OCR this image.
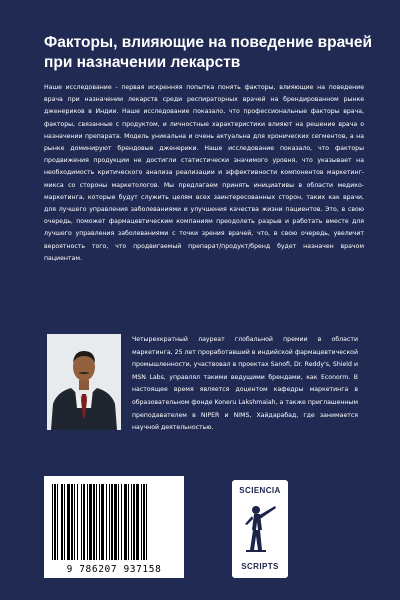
Факторы, влияющие на поведение врачей при назначении лекарств

Наше исследование - первая искренняя попытка понять факторы, влияющие на поведение врача при назначении лекарств среди респираторных врачей на брендированном рынке дженериков в Индии. Наше исследование показало, что профессиональные факторы врача, факторы, связанные с продуктом, и личностные характеристики влияют на решение врача о назначении препарата. Модель уникальна и очень актуальна для хронических сегментов, а на рынке доминируют брендовые дженерики. Наше исследование показало, что факторы продвижения продукции не достигли статистически значимого уровня, что указывает на необходимость критического анализа реализации и эффективности компонентов маркетинг-микса со стороны маркетологов. Мы предлагаем принять инициативы в области медико-маркетинга, которые будут служить целям всех заинтересованных сторон, таких как врачи, для лучшего управления заболеваниями и улучшения качества жизни пациентов. Это, в свою очередь, поможет фармацевтическим компаниям преодолеть разрыв и работать вместе для лучшего управления заболеваниями с точки зрения врачей, что, в свою очередь, увеличит вероятность того, что продвигаемый препарат/продукт/бренд будет назначен врачом пациентам.

Четырехкратный лауреат глобальной премии в области маркетинга, 25 лет проработавший в индийской фармацевтической промышленности, участвовал в проектах Sanofi, Dr. Reddy's, Shield и MSN Labs, управлял такими ведущими брендами, как Econorm. В настоящее время является доцентом кафедры маркетинга в образовательном фонде Koneru Lakshmaiah, а также приглашенным преподавателем в NIPER и NIMS, Хайдарабад, где занимается научной деятельностью.

9 786207 937158
SCIENCIA
SCRIPTS
